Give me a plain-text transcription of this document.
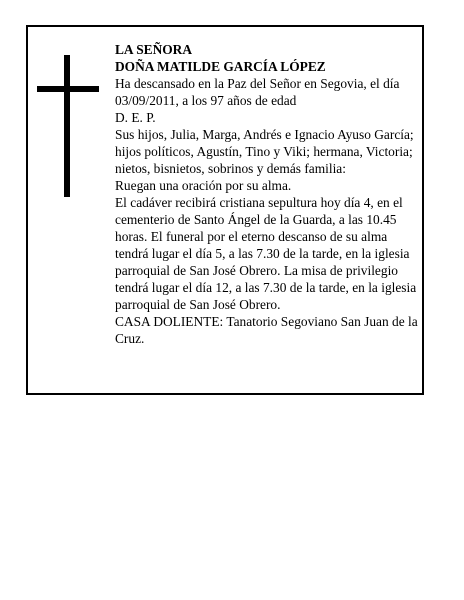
LA SEÑORA

DOÑA MATILDE GARCÍA LÓPEZ

Ha descansado en la Paz del Señor en Segovia, el día 03/09/2011, a los 97 años de edad

D. E. P.

Sus hijos, Julia, Marga, Andrés e Ignacio Ayuso García; hijos políticos, Agustín, Tino y Viki; hermana, Victoria; nietos, bisnietos, sobrinos y demás familia:

Ruegan una oración por su alma.

El cadáver recibirá cristiana sepultura hoy día 4, en el cementerio de Santo Ángel de la Guarda, a las 10.45 horas. El funeral por el eterno descanso de su alma tendrá lugar el día 5, a las 7.30 de la tarde, en la iglesia parroquial de San José Obrero. La misa de privilegio tendrá lugar el día 12, a las 7.30 de la tarde, en la iglesia parroquial de San José Obrero.

CASA DOLIENTE: Tanatorio Segoviano San Juan de la Cruz.
